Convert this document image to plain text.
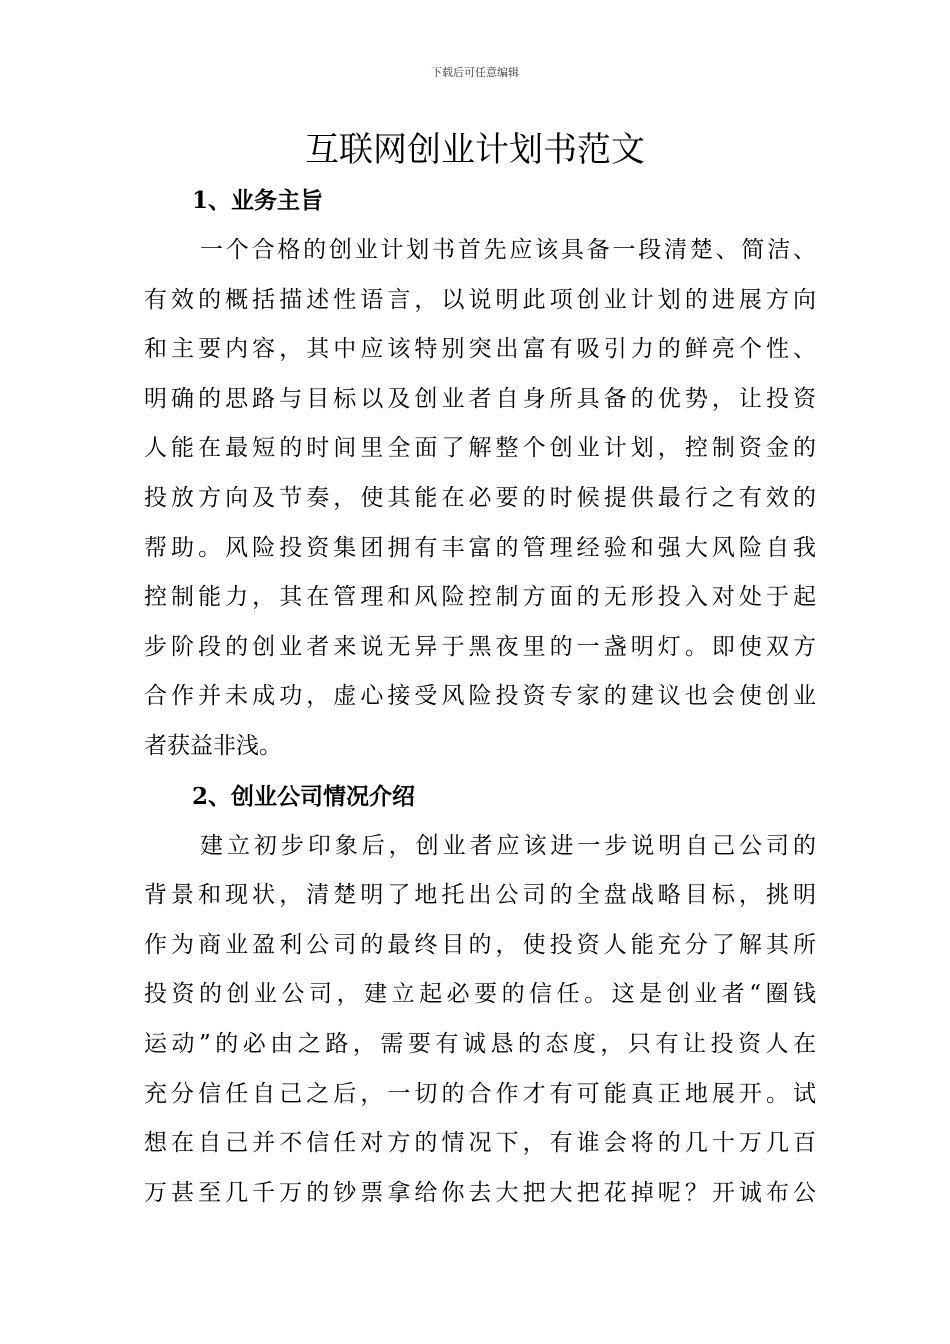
下载后可任意编辑
互联网创业计划书范文
1、业务主旨

一个合格的创业计划书首先应该具备一段清楚、简洁、
有效的概括描述性语言，以说明此项创业计划的进展方向
和主要内容，其中应该特别突出富有吸引力的鲜亮个性、
明确的思路与目标以及创业者自身所具备的优势，让投资
人能在最短的时间里全面了解整个创业计划，控制资金的
投放方向及节奏，使其能在必要的时候提供最行之有效的
帮助。风险投资集团拥有丰富的管理经验和强大风险自我
控制能力，其在管理和风险控制方面的无形投入对处于起
步阶段的创业者来说无异于黑夜里的一盏明灯。即使双方
合作并未成功，虚心接受风险投资专家的建议也会使创业
者获益非浅。

2、创业公司情况介绍

建立初步印象后，创业者应该进一步说明自己公司的
背景和现状，清楚明了地托出公司的全盘战略目标，挑明
作为商业盈利公司的最终目的，使投资人能充分了解其所
投资的创业公司，建立起必要的信任。这是创业者“圈钱
运动”的必由之路，需要有诚恳的态度，只有让投资人在
充分信任自己之后，一切的合作才有可能真正地展开。试
想在自己并不信任对方的情况下，有谁会将的几十万几百
万甚至几千万的钞票拿给你去大把大把花掉呢？开诚布公
